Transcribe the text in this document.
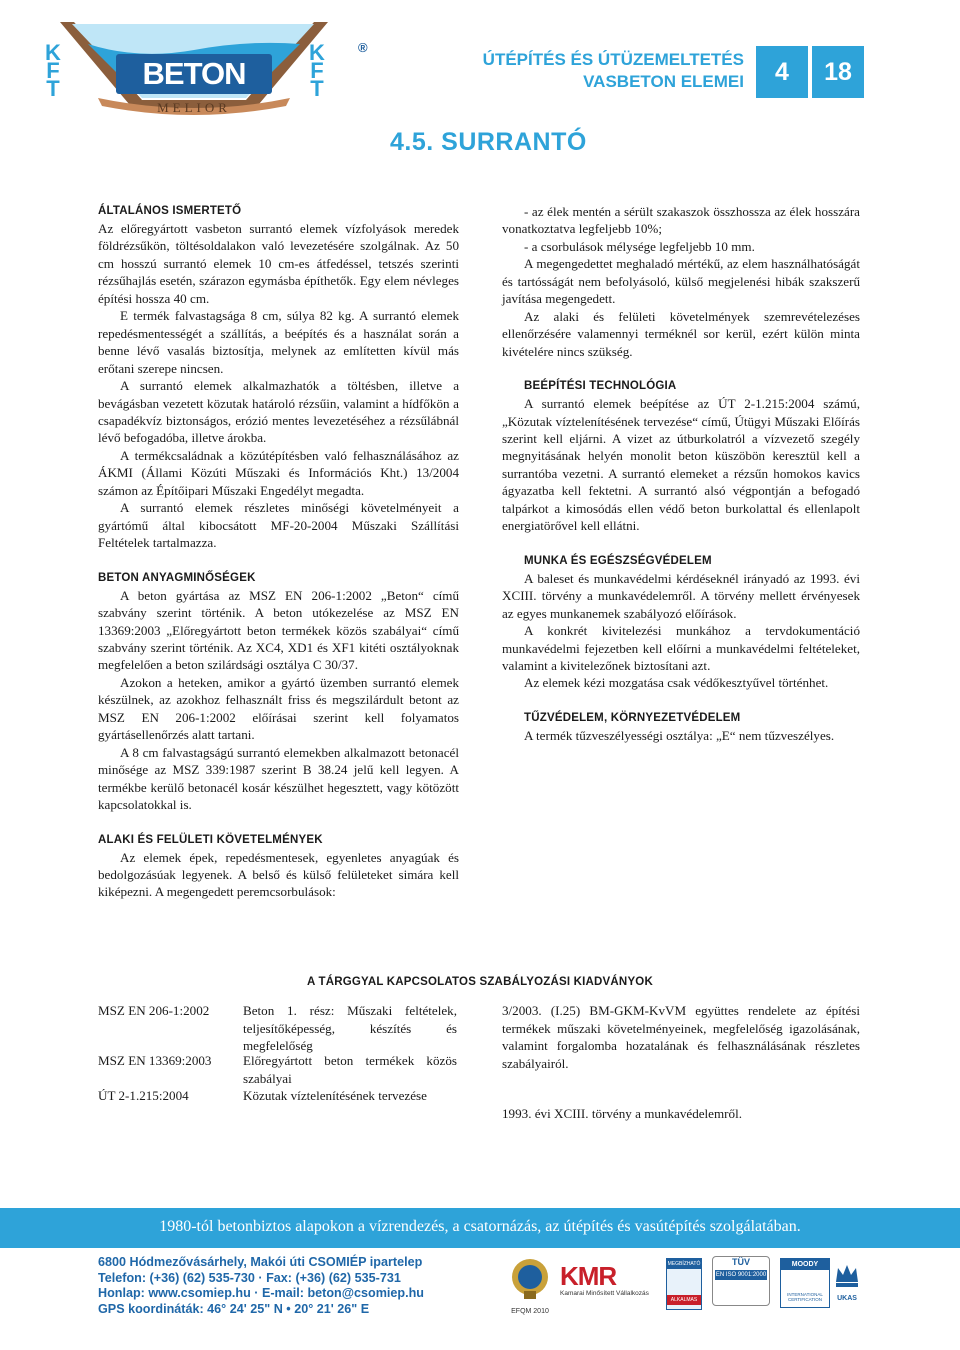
K
F
T
K
F
T
BETON
MELIOR
®
ÚTÉPÍTÉS ÉS ÚTÜZEMELTETÉS
VASBETON ELEMEI	4	18
4.5. SURRANTÓ
ÁLTALÁNOS ISMERTETŐ

Az előregyártott vasbeton surrantó elemek vízfolyások meredek földrézsűkön, töltésoldalakon való levezetésére szolgálnak. Az 50 cm hosszú surrantó elemek 10 cm-es átfedéssel, tetszés szerinti rézsűhajlás esetén, szárazon egymásba építhetők. Egy elem névleges építési hossza 40 cm.

E termék falvastagsága 8 cm, súlya 82 kg. A surrantó elemek repedésmentességét a szállítás, a beépítés és a használat során a benne lévő vasalás biztosítja, melynek az említetten kívül más erőtani szerepe nincsen.

A surrantó elemek alkalmazhatók a töltésben, illetve a bevágásban vezetett közutak határoló rézsűin, valamint a hídfőkön a csapadékvíz biztonságos, erózió mentes levezetéséhez a rézsűlábnál lévő befogadóba, illetve árokba.

A termékcsaládnak a közútépítésben való felhasználásához az ÁKMI (Állami Közúti Műszaki és Információs Kht.) 13/2004 számon az Építőipari Műszaki Engedélyt megadta.

A surrantó elemek részletes minőségi követelményeit a gyártómű által kibocsátott MF-20-2004 Műszaki Szállítási Feltételek tartalmazza.

BETON ANYAGMINŐSÉGEK

A beton gyártása az MSZ EN 206-1:2002 „Beton“ című szabvány szerint történik. A beton utókezelése az MSZ EN 13369:2003 „Előregyártott beton termékek közös szabályai“ című szabvány szerint történik. Az XC4, XD1 és XF1 kitéti osztályoknak megfelelően a beton szilárdsági osztálya C 30/37.

Azokon a heteken, amikor a gyártó üzemben surrantó elemek készülnek, az azokhoz felhasznált friss és megszilárdult betont az MSZ EN 206-1:2002 előírásai szerint kell folyamatos gyártásellenőrzés alatt tartani.

A 8 cm falvastagságú surrantó elemekben alkalmazott betonacél minősége az MSZ 339:1987 szerint B 38.24 jelű kell legyen. A termékbe kerülő betonacél kosár készülhet hegesztett, vagy kötözött kapcsolatokkal is.

ALAKI ÉS FELÜLETI KÖVETELMÉNYEK

Az elemek épek, repedésmentesek, egyenletes anyagúak és bedolgozásúak legyenek. A belső és külső felületeket simára kell kiképezni. A megengedett peremcsorbulások:

- az élek mentén a sérült szakaszok összhossza az élek hosszára vonatkoztatva legfeljebb 10%;

- a csorbulások mélysége legfeljebb 10 mm.

A megengedettet meghaladó mértékű, az elem használhatóságát és tartósságát nem befolyásoló, külső megjelenési hibák szakszerű javítása megengedett.

Az alaki és felületi követelmények szemrevételezéses ellenőrzésére valamennyi terméknél sor kerül, ezért külön minta kivételére nincs szükség.

BEÉPÍTÉSI TECHNOLÓGIA

A surrantó elemek beépítése az ÚT 2-1.215:2004 számú, „Közutak víztelenítésének tervezése“ című, Útügyi Műszaki Előírás szerint kell eljárni. A vizet az útburkolatról a vízvezető szegély megnyitásának helyén monolit beton küszöbön keresztül kell a surrantóba vezetni. A surrantó elemeket a rézsűn homokos kavics ágyazatba kell fektetni. A surrantó alsó végpontján a befogadó talpárkot a kimosódás ellen védő beton burkolattal és ellenlapolt energiatörővel kell ellátni.

MUNKA ÉS EGÉSZSÉGVÉDELEM

A baleset és munkavédelmi kérdéseknél irányadó az 1993. évi XCIII. törvény a munkavédelemről. A törvény mellett érvényesek az egyes munkanemek szabályozó előírások.

A konkrét kivitelezési munkához a tervdokumentáció munkavédelmi fejezetben kell előírni a munkavédelmi feltételeket, valamint a kivitelezőnek biztosítani azt.

Az elemek kézi mozgatása csak védőkesztyűvel történhet.

TŰZVÉDELEM, KÖRNYEZETVÉDELEM

A termék tűzveszélyességi osztálya: „E“ nem tűzveszélyes.

A TÁRGGYAL KAPCSOLATOS SZABÁLYOZÁSI KIADVÁNYOK
MSZ EN 206-1:2002	Beton 1. rész: Műszaki feltételek, teljesítőképesség, készítés és megfelelőség
MSZ EN 13369:2003 Előregyártott beton termékek közös szabályai
ÚT 2-1.215:2004	Közutak víztelenítésének tervezése
3/2003. (I.25) BM-GKM-KvVM együttes rendelete az építési termékek műszaki követelményeinek, megfelelőség igazolásának, valamint forgalomba hozatalának és felhasználásának részletes szabályairól.
1993. évi XCIII. törvény a munkavédelemről.
1980-tól betonbiztos alapokon a vízrendezés, a csatornázás, az útépítés és vasútépítés szolgálatában.
6800 Hódmezővásárhely, Makói úti CSOMIÉP ipartelep
Telefon: (+36) (62) 535-730 · Fax: (+36) (62) 535-731
Honlap: www.csomiep.hu · E-mail: beton@csomiep.hu
GPS koordináták: 46° 24' 25" N • 20° 21' 26" E	EFQM 2010
KMR
Kamarai Minősített Vállalkozás
MEGBÍZHATÓ
ALKALMAS
TÜV
EN ISO 9001:2000
MOODY
INTERNATIONAL CERTIFICATION	UKAS
